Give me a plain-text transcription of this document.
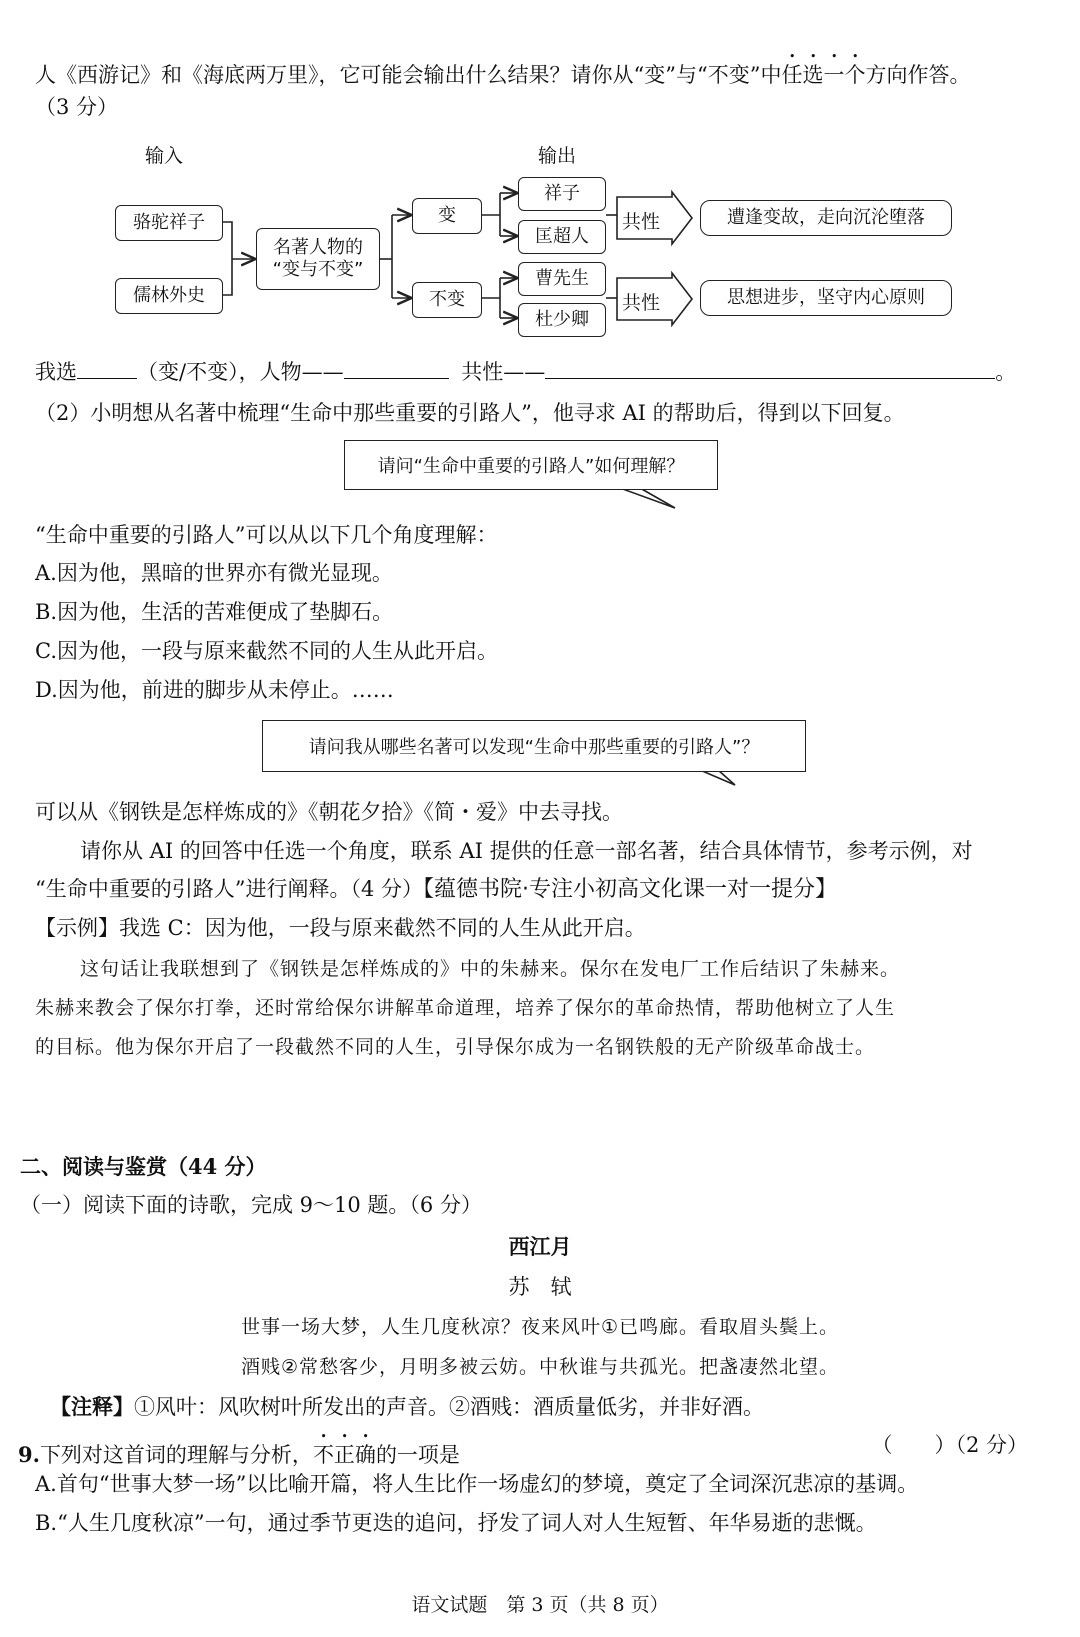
人《西游记》和《海底两万里》，它可能会输出什么结果？请你从“变”与“不变”中任选一个方向作答。
（3 分）
输入	输出
骆驼祥子
儒林外史
名著人物的
“变与不变”
变
不变
祥子
匡超人
曹先生
杜少卿
共性
共性
遭逢变故，走向沉沦堕落
思想进步，坚守内心原则
我选	（变/不变），人物——	共性——	。
（2）小明想从名著中梳理“生命中那些重要的引路人”，他寻求 AI 的帮助后，得到以下回复。
请问“生命中重要的引路人”如何理解？
“生命中重要的引路人”可以从以下几个角度理解：
A.因为他，黑暗的世界亦有微光显现。
B.因为他，生活的苦难便成了垫脚石。
C.因为他，一段与原来截然不同的人生从此开启。
D.因为他，前进的脚步从未停止。……
请问我从哪些名著可以发现“生命中那些重要的引路人”？
可以从《钢铁是怎样炼成的》《朝花夕拾》《简・爱》中去寻找。
请你从 AI 的回答中任选一个角度，联系 AI 提供的任意一部名著，结合具体情节，参考示例，对
“生命中重要的引路人”进行阐释。（4 分）【蕴德书院·专注小初高文化课一对一提分】
【示例】我选 C：因为他，一段与原来截然不同的人生从此开启。
这句话让我联想到了《钢铁是怎样炼成的》中的朱赫来。保尔在发电厂工作后结识了朱赫来。
朱赫来教会了保尔打拳，还时常给保尔讲解革命道理，培养了保尔的革命热情，帮助他树立了人生
的目标。他为保尔开启了一段截然不同的人生，引导保尔成为一名钢铁般的无产阶级革命战士。
二、阅读与鉴赏（44 分）
（一）阅读下面的诗歌，完成 9～10 题。（6 分）
西江月
苏　轼
世事一场大梦，人生几度秋凉？夜来风叶①已鸣廊。看取眉头鬓上。
酒贱②常愁客少，月明多被云妨。中秋谁与共孤光。把盏凄然北望。
【注释】①风叶：风吹树叶所发出的声音。②酒贱：酒质量低劣，并非好酒。
9.下列对这首词的理解与分析，不正确的一项是	（　　）（2 分）
A.首句“世事大梦一场”以比喻开篇，将人生比作一场虚幻的梦境，奠定了全词深沉悲凉的基调。
B.“人生几度秋凉”一句，通过季节更迭的追问，抒发了词人对人生短暂、年华易逝的悲慨。
语文试题　第 3 页（共 8 页）
